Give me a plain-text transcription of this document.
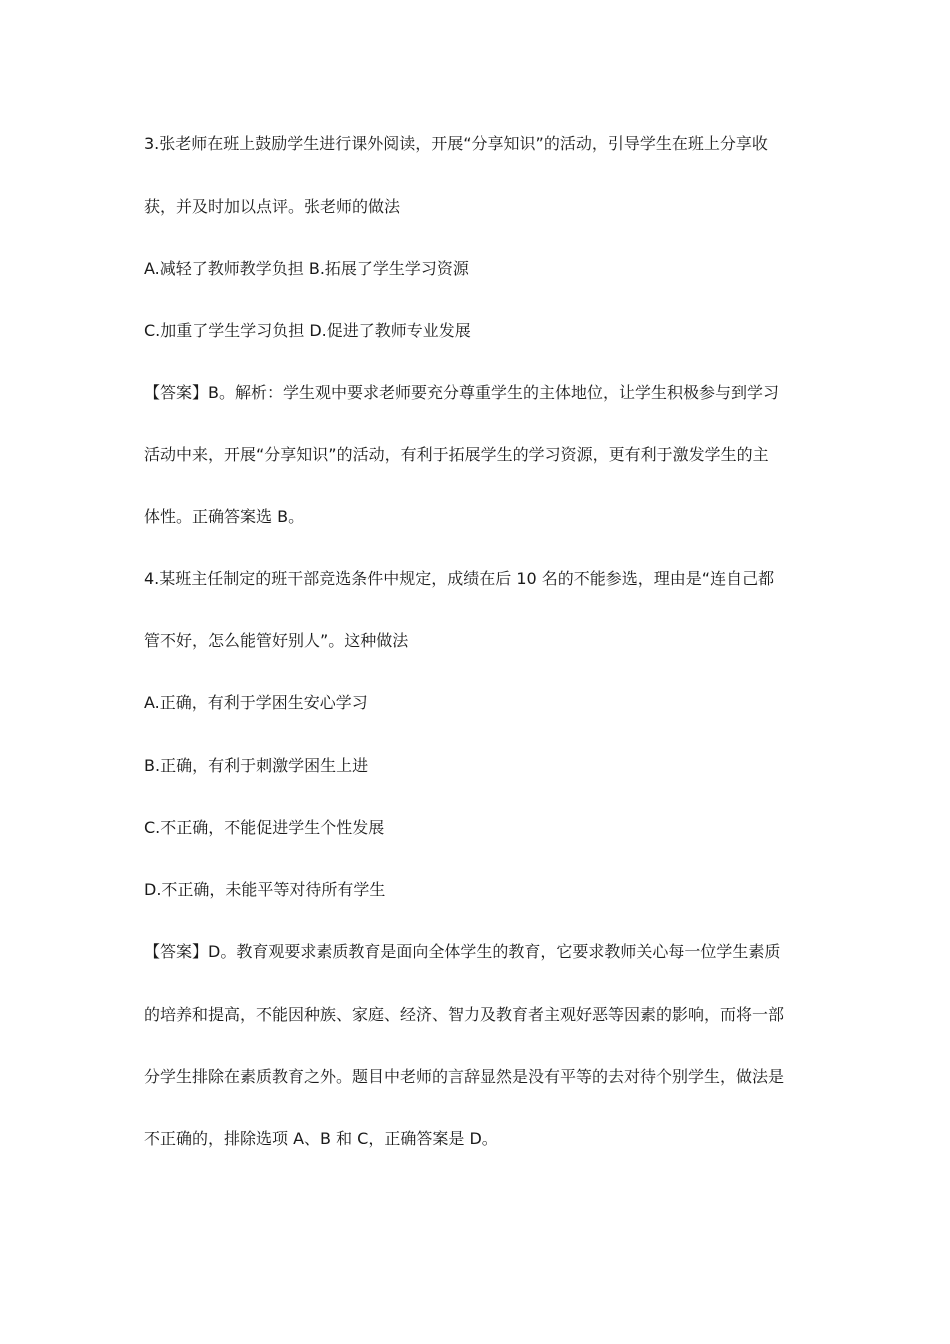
3.张老师在班上鼓励学生进行课外阅读，开展“分享知识”的活动，引导学生在班上分享收
获，并及时加以点评。张老师的做法
A.减轻了教师教学负担 B.拓展了学生学习资源
C.加重了学生学习负担 D.促进了教师专业发展
【答案】B。解析：学生观中要求老师要充分尊重学生的主体地位，让学生积极参与到学习
活动中来，开展“分享知识”的活动，有利于拓展学生的学习资源，更有利于激发学生的主
体性。正确答案选 B。
4.某班主任制定的班干部竞选条件中规定，成绩在后 10 名的不能参选，理由是“连自己都
管不好，怎么能管好别人”。这种做法
A.正确，有利于学困生安心学习
B.正确，有利于刺激学困生上进
C.不正确，不能促进学生个性发展
D.不正确，未能平等对待所有学生
【答案】D。教育观要求素质教育是面向全体学生的教育，它要求教师关心每一位学生素质
的培养和提高，不能因种族、家庭、经济、智力及教育者主观好恶等因素的影响，而将一部
分学生排除在素质教育之外。题目中老师的言辞显然是没有平等的去对待个别学生，做法是
不正确的，排除选项 A、B 和 C，正确答案是 D。
